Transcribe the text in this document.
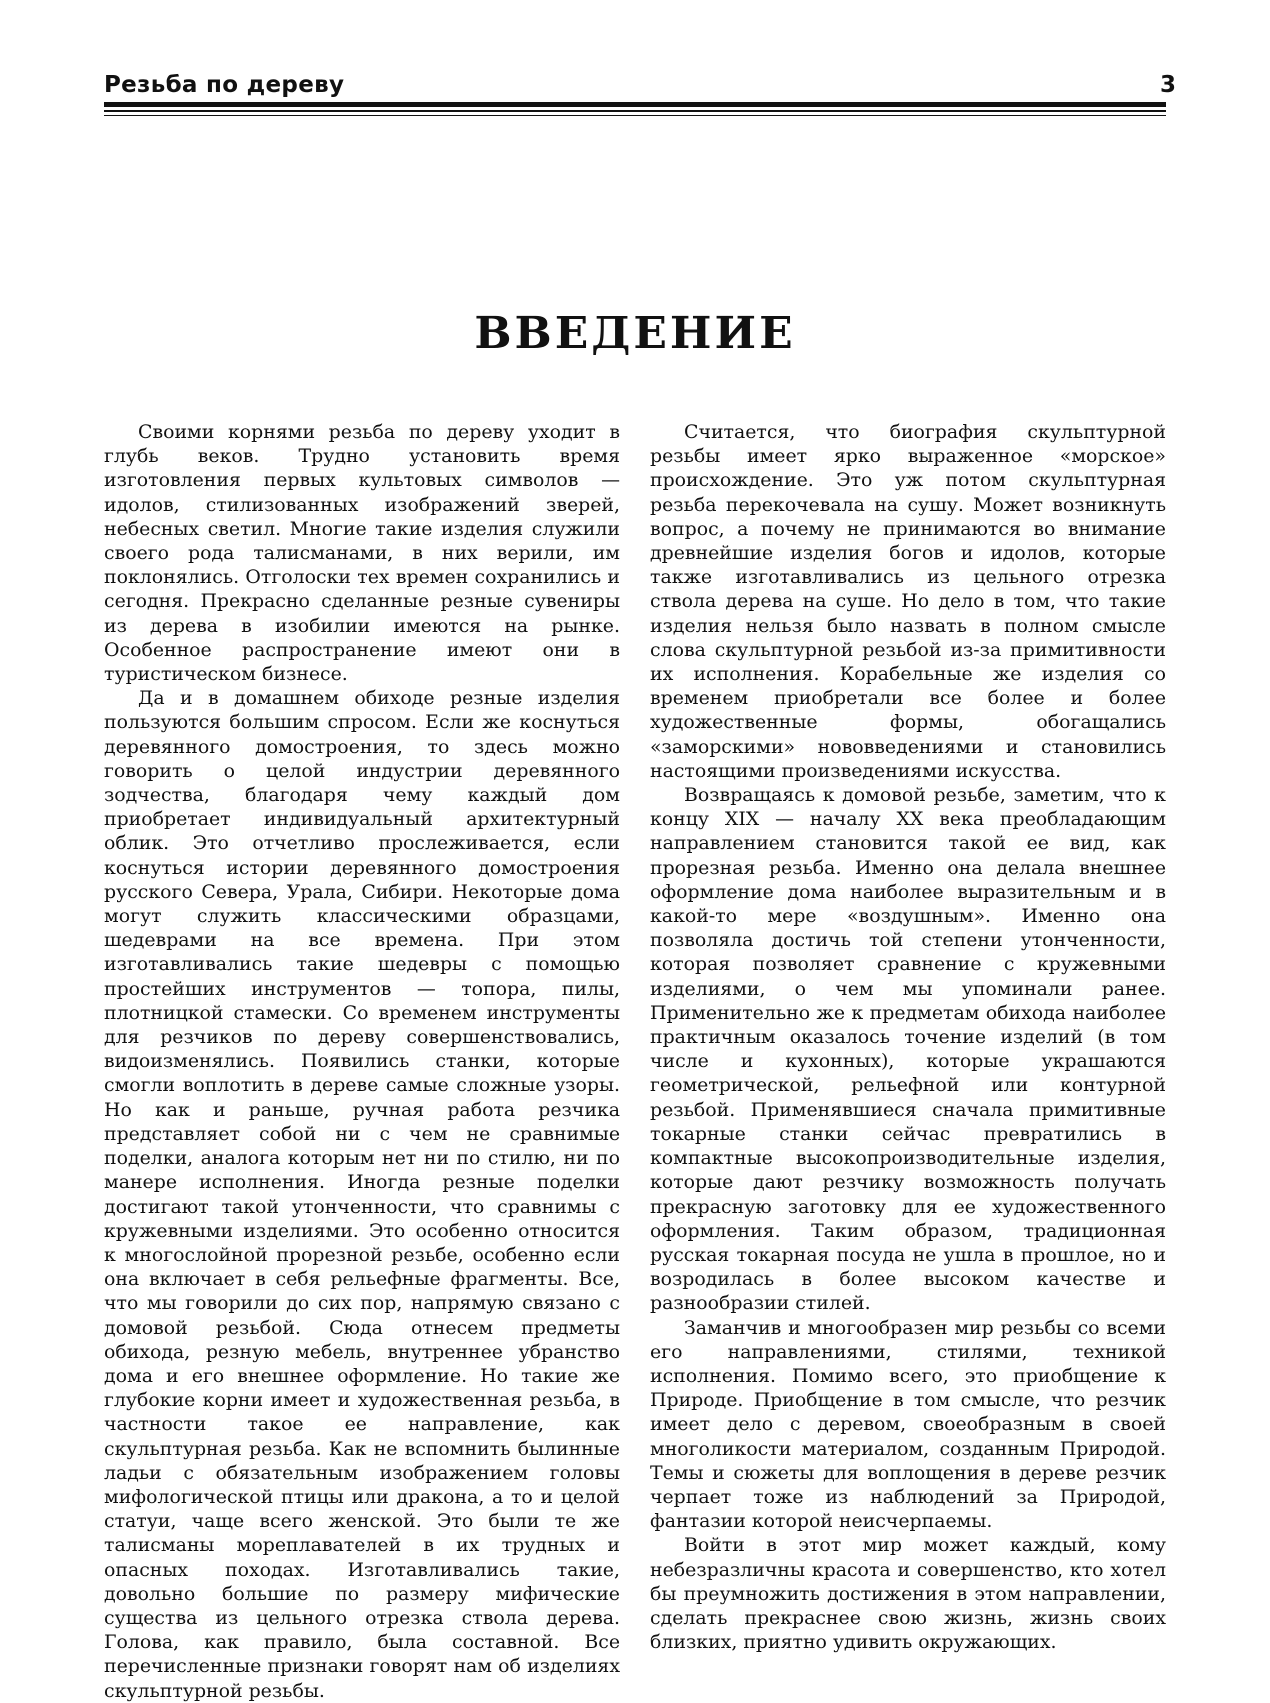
Резьба по дереву	3
ВВЕДЕНИЕ

Своими корнями резьба по дереву уходит в глубь веков. Трудно установить время изготовления первых культовых символов — идолов, стилизованных изображений зверей, небесных светил. Многие такие изделия служили своего рода талисманами, в них верили, им поклонялись. Отголоски тех времен сохранились и сегодня. Прекрасно сделанные резные сувениры из дерева в изобилии имеются на рынке. Особенное распространение имеют они в туристическом бизнесе.

Да и в домашнем обиходе резные изделия пользуются большим спросом. Если же коснуться деревянного домостроения, то здесь можно говорить о целой индустрии деревянного зодчества, благодаря чему каждый дом приобретает индивидуальный архитектурный облик. Это отчетливо прослеживается, если коснуться истории деревянного домостроения русского Севера, Урала, Сибири. Некоторые дома могут служить классическими образцами, шедеврами на все времена. При этом изготавливались такие шедевры с помощью простейших инструментов — топора, пилы, плотницкой стамески. Со временем инструменты для резчиков по дереву совершенствовались, видоизменялись. Появились станки, которые смогли воплотить в дереве самые сложные узоры. Но как и раньше, ручная работа резчика представляет собой ни с чем не сравнимые поделки, аналога которым нет ни по стилю, ни по манере исполнения. Иногда резные поделки достигают такой утонченности, что сравнимы с кружевными изделиями. Это особенно относится к многослойной прорезной резьбе, особенно если она включает в себя рельефные фрагменты. Все, что мы говорили до сих пор, напрямую связано с домовой резьбой. Сюда отнесем предметы обихода, резную мебель, внутреннее убранство дома и его внешнее оформление. Но такие же глубокие корни имеет и художественная резьба, в частности такое ее направление, как скульптурная резьба. Как не вспомнить былинные ладьи с обязательным изображением головы мифологической птицы или дракона, а то и целой статуи, чаще всего женской. Это были те же талисманы мореплавателей в их трудных и опасных походах. Изготавливались такие, довольно большие по размеру мифические существа из цельного отрезка ствола дерева. Голова, как правило, была составной. Все перечисленные признаки говорят нам об изделиях скульптурной резьбы.

Считается, что биография скульптурной резьбы имеет ярко выраженное «морское» происхождение. Это уж потом скульптурная резьба перекочевала на сушу. Может возникнуть вопрос, а почему не принимаются во внимание древнейшие изделия богов и идолов, которые также изготавливались из цельного отрезка ствола дерева на суше. Но дело в том, что такие изделия нельзя было назвать в полном смысле слова скульптурной резьбой из-за примитивности их исполнения. Корабельные же изделия со временем приобретали все более и более художественные формы, обогащались «заморскими» нововведениями и становились настоящими произведениями искусства.

Возвращаясь к домовой резьбе, заметим, что к концу XIX — началу XX века преобладающим направлением становится такой ее вид, как прорезная резьба. Именно она делала внешнее оформление дома наиболее выразительным и в какой-то мере «воздушным». Именно она позволяла достичь той степени утонченности, которая позволяет сравнение с кружевными изделиями, о чем мы упоминали ранее. Применительно же к предметам обихода наиболее практичным оказалось точение изделий (в том числе и кухонных), которые украшаются геометрической, рельефной или контурной резьбой. Применявшиеся сначала примитивные токарные станки сейчас превратились в компактные высокопроизводительные изделия, которые дают резчику возможность получать прекрасную заготовку для ее художественного оформления. Таким образом, традиционная русская токарная посуда не ушла в прошлое, но и возродилась в более высоком качестве и разнообразии стилей.

Заманчив и многообразен мир резьбы со всеми его направлениями, стилями, техникой исполнения. Помимо всего, это приобщение к Природе. Приобщение в том смысле, что резчик имеет дело с деревом, своеобразным в своей многоликости материалом, созданным Природой. Темы и сюжеты для воплощения в дереве резчик черпает тоже из наблюдений за Природой, фантазии которой неисчерпаемы.

Войти в этот мир может каждый, кому небезразличны красота и совершенство, кто хотел бы преумножить достижения в этом направлении, сделать прекраснее свою жизнь, жизнь своих близких, приятно удивить окружающих.
